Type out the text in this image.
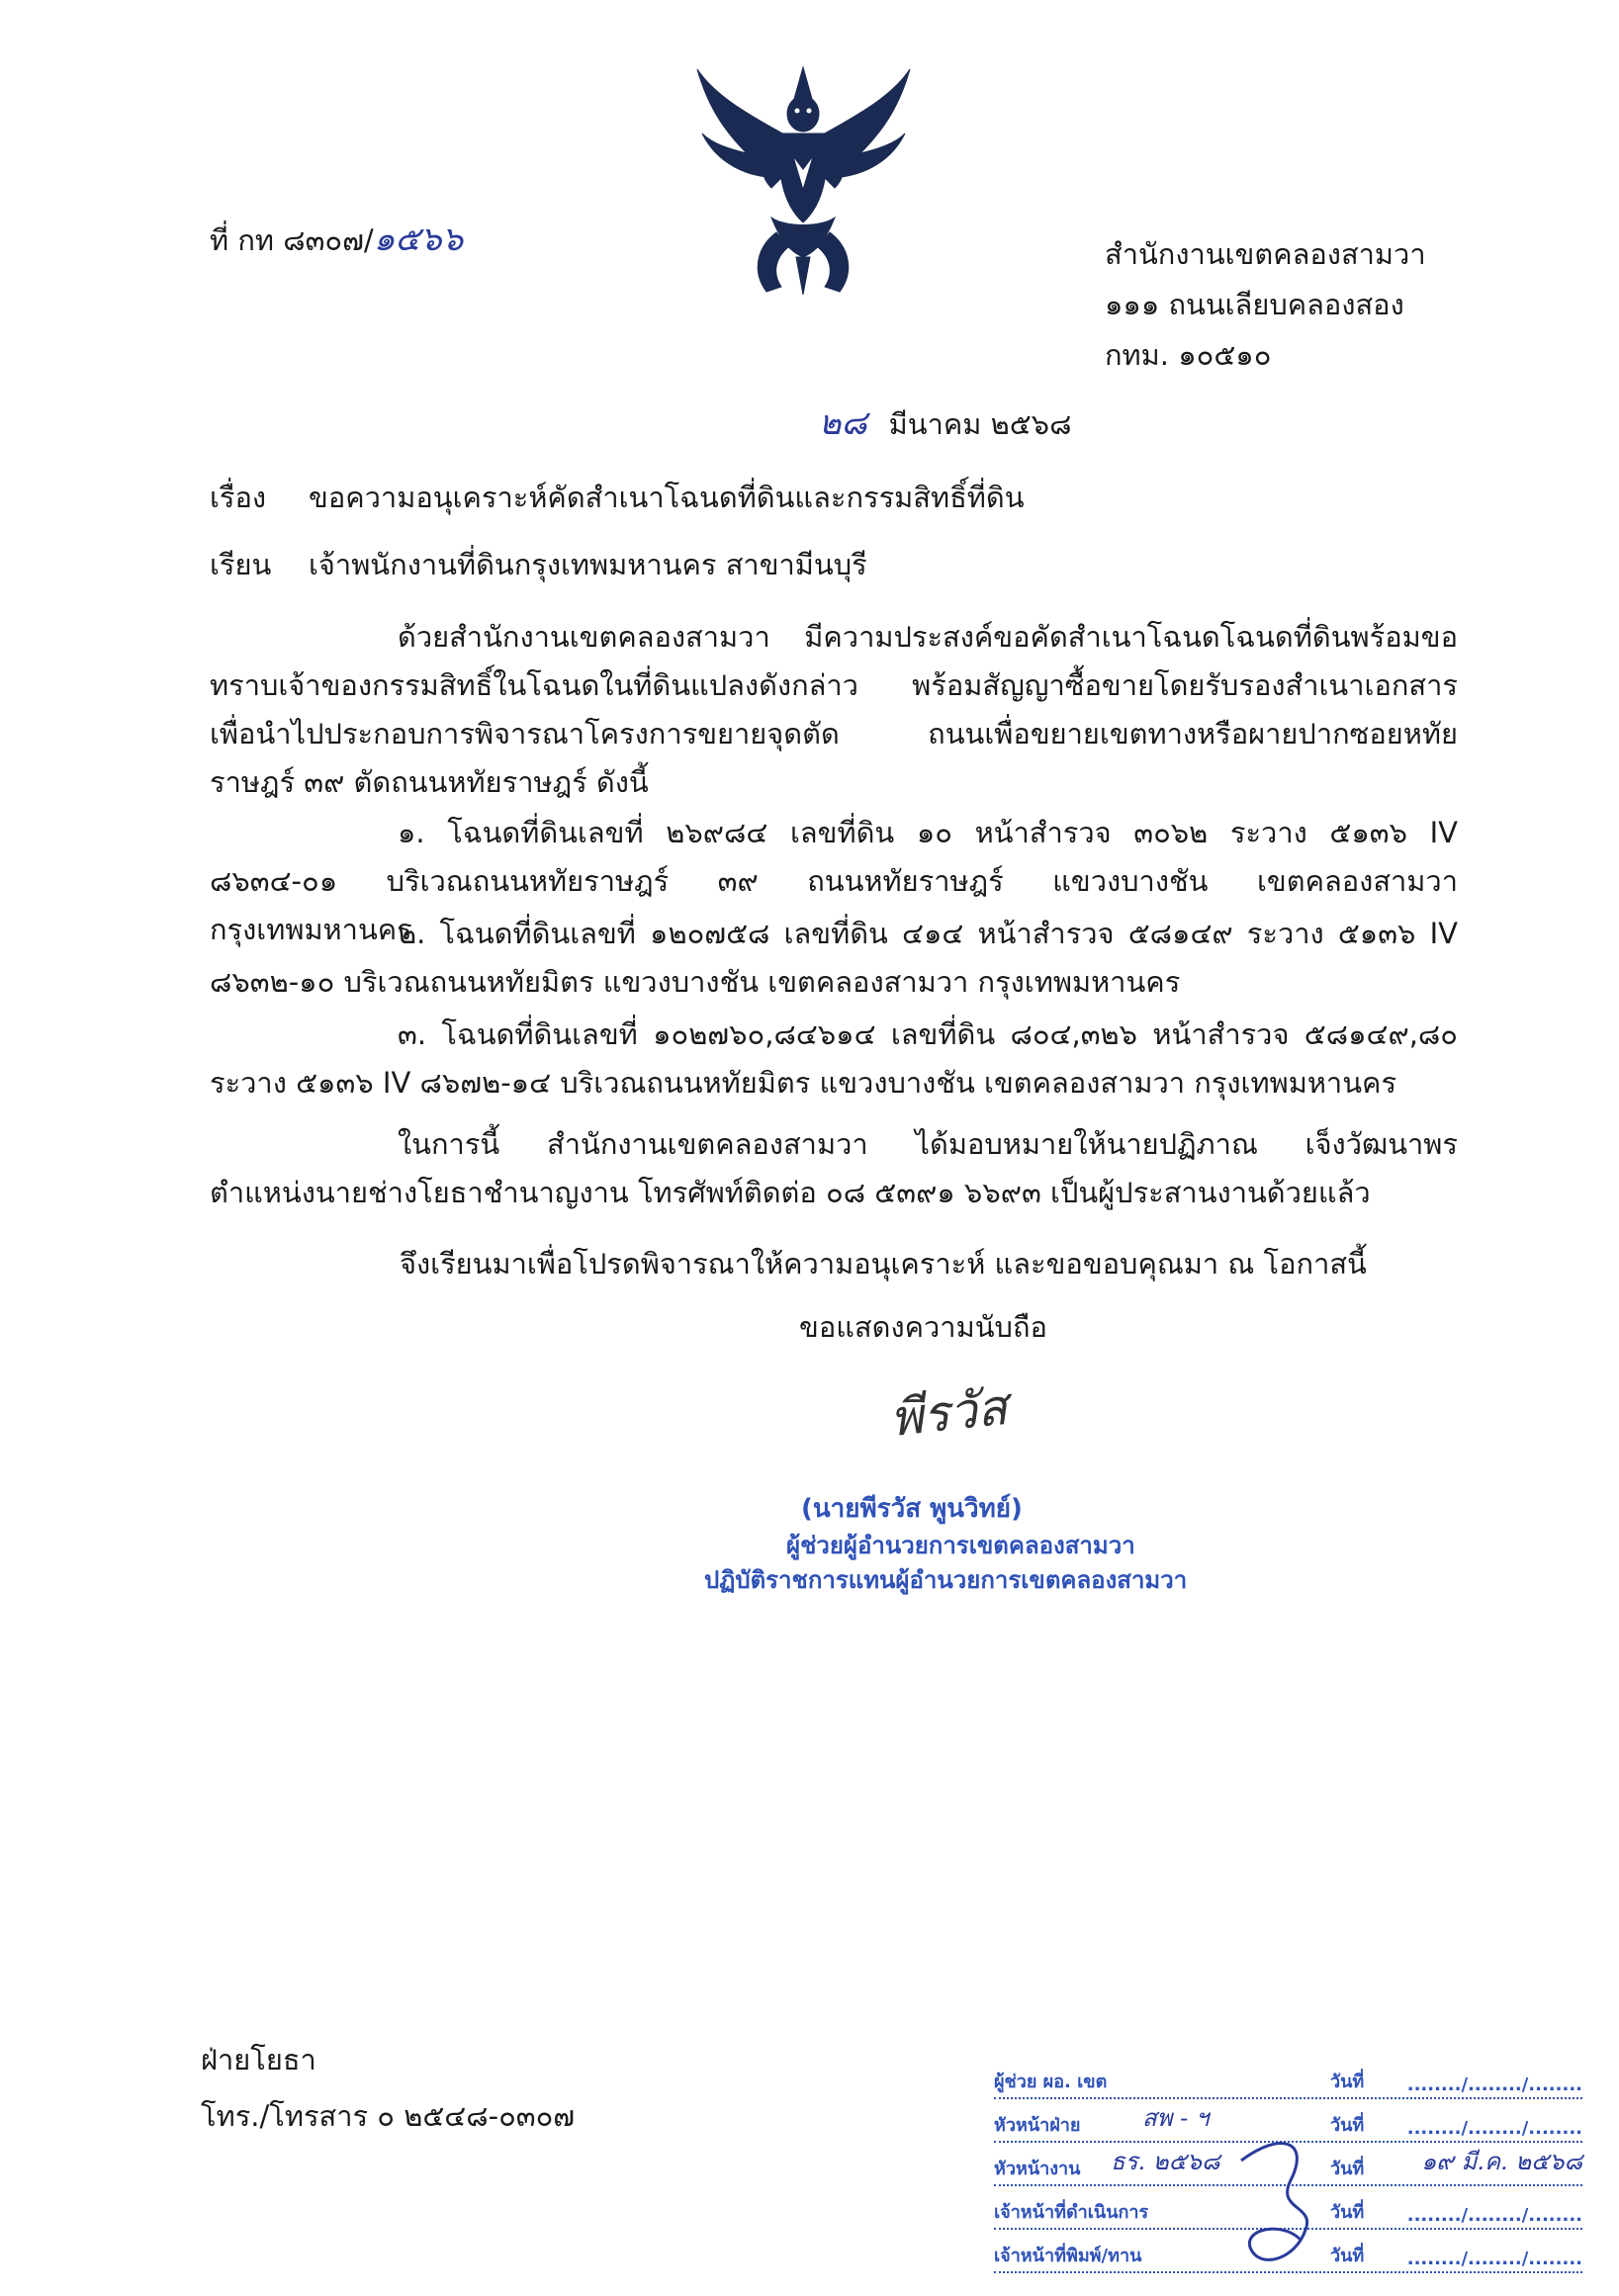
ที่ กท ๘๓๐๗/๑๕๖๖	สำนักงานเขตคลองสามวา
๑๑๑ ถนนเลียบคลองสอง
กทม. ๑๐๕๑๐
๒๘ มีนาคม ๒๕๖๘
เรื่อง ขอความอนุเคราะห์คัดสำเนาโฉนดที่ดินและกรรมสิทธิ์ที่ดิน
เรียน เจ้าพนักงานที่ดินกรุงเทพมหานคร สาขามีนบุรี

ด้วยสำนักงานเขตคลองสามวา มีความประสงค์ขอคัดสำเนาโฉนดโฉนดที่ดินพร้อมขอทราบเจ้าของกรรมสิทธิ์ในโฉนดในที่ดินแปลงดังกล่าว พร้อมสัญญาซื้อขายโดยรับรองสำเนาเอกสารเพื่อนำไปประกอบการพิจารณาโครงการขยายจุดตัด ถนนเพื่อขยายเขตทางหรือผายปากซอยหทัยราษฎร์ ๓๙ ตัดถนนหทัยราษฎร์ ดังนี้

๑. โฉนดที่ดินเลขที่ ๒๖๙๘๔ เลขที่ดิน ๑๐ หน้าสำรวจ ๓๐๖๒ ระวาง ๕๑๓๖ IV ๘๖๓๔-๐๑ บริเวณถนนหทัยราษฎร์ ๓๙ ถนนหทัยราษฎร์ แขวงบางชัน เขตคลองสามวา กรุงเทพมหานคร

๒. โฉนดที่ดินเลขที่ ๑๒๐๗๕๘ เลขที่ดิน ๔๑๔ หน้าสำรวจ ๕๘๑๔๙ ระวาง ๕๑๓๖ IV ๘๖๓๒-๑๐ บริเวณถนนหทัยมิตร แขวงบางชัน เขตคลองสามวา กรุงเทพมหานคร

๓. โฉนดที่ดินเลขที่ ๑๐๒๗๖๐,๘๔๖๑๔ เลขที่ดิน ๘๐๔,๓๒๖ หน้าสำรวจ ๕๘๑๔๙,๘๐ ระวาง ๕๑๓๖ IV ๘๖๗๒-๑๔ บริเวณถนนหทัยมิตร แขวงบางชัน เขตคลองสามวา กรุงเทพมหานคร

ในการนี้ สำนักงานเขตคลองสามวา ได้มอบหมายให้นายปฏิภาณ เจ็งวัฒนาพร ตำแหน่งนายช่างโยธาชำนาญงาน โทรศัพท์ติดต่อ ๐๘ ๕๓๙๑ ๖๖๙๓ เป็นผู้ประสานงานด้วยแล้ว

จึงเรียนมาเพื่อโปรดพิจารณาให้ความอนุเคราะห์ และขอขอบคุณมา ณ โอกาสนี้
ขอแสดงความนับถือ
พีรวัส
(นายพีรวัส พูนวิทย์)
ผู้ช่วยผู้อำนวยการเขตคลองสามวา
ปฏิบัติราชการแทนผู้อำนวยการเขตคลองสามวา
ฝ่ายโยธา
โทร./โทรสาร ๐ ๒๕๔๘-๐๓๐๗
ผู้ช่วย ผอ. เขต	วันที่ ......../......../........
หัวหน้าฝ่าย	สพ - ฯ	วันที่ ......../......../........
หัวหน้างาน ธร. ๒๕๖๘	วันที่ ๑๙ มี.ค. ๒๕๖๘
เจ้าหน้าที่ดำเนินการ	วันที่ ......../......../........
เจ้าหน้าที่พิมพ์/ทาน	วันที่ ......../......../........
